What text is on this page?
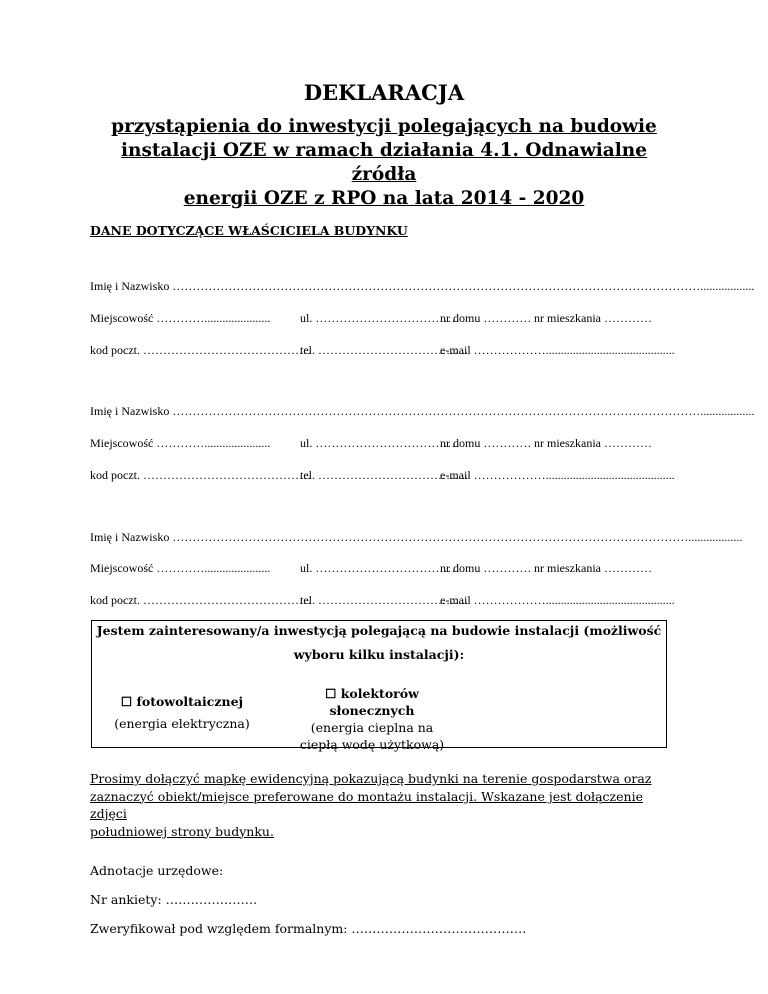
DEKLARACJA
przystąpienia do inwestycji polegających na budowie
instalacji OZE w ramach działania 4.1. Odnawialne źródła
energii OZE z RPO na lata 2014 - 2020
DANE DOTYCZĄCE WŁAŚCICIELA BUDYNKU
Imię i Nazwisko ……………………………………………………………………………………………………………………..................
Miejscowość …………...................... ul. ………………………………
nr domu ………… nr mieszkania …………
kod poczt. ……………………………………
tel. ………………………………..
e-mail ………………...........................................
Imię i Nazwisko ……………………………………………………………………………………………………………………..................
Miejscowość …………...................... ul. ………………………………
nr domu ………… nr mieszkania …………
kod poczt. ……………………………………
tel. ………………………………..
e-mail ………………...........................................
Imię i Nazwisko …………………………………………………………………………………………………………………..................
Miejscowość …………...................... ul. ………………………………
nr domu ………… nr mieszkania …………
kod poczt. ……………………………………
tel. ………………………………..
e-mail ………………...........................................
Jestem zainteresowany/a inwestycją polegającą na budowie instalacji (możliwość
wyboru kilku instalacji):
☐ fotowoltaicznej
(energia elektryczna)
☐ kolektorów
słonecznych
(energia cieplna na
ciepłą wodę użytkową)
Prosimy dołączyć mapkę ewidencyjną pokazującą budynki na terenie gospodarstwa oraz
zaznaczyć obiekt/miejsce preferowane do montażu instalacji. Wskazane jest dołączenie zdjęci
południowej strony budynku.
Adnotacje urzędowe:
Nr ankiety: ………………….
Zweryfikował pod względem formalnym: ……………………………………
